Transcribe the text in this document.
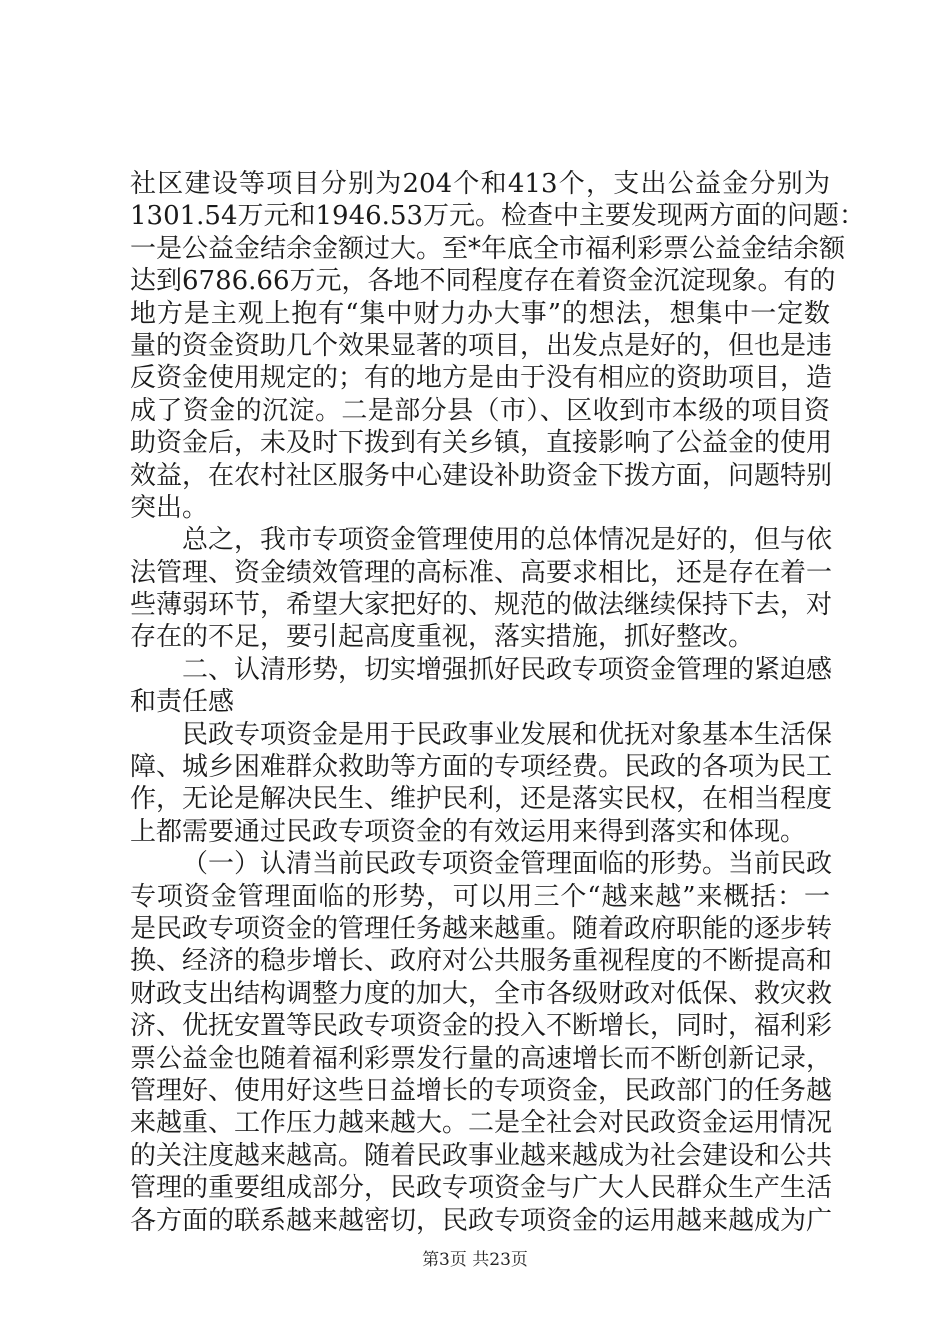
社区建设等项目分别为204个和413个，支出公益金分别为
1301.54万元和1946.53万元。检查中主要发现两方面的问题：
一是公益金结余金额过大。至*年底全市福利彩票公益金结余额
达到6786.66万元，各地不同程度存在着资金沉淀现象。有的
地方是主观上抱有“集中财力办大事”的想法，想集中一定数
量的资金资助几个效果显著的项目，出发点是好的，但也是违
反资金使用规定的；有的地方是由于没有相应的资助项目，造
成了资金的沉淀。二是部分县（市）、区收到市本级的项目资
助资金后，未及时下拨到有关乡镇，直接影响了公益金的使用
效益，在农村社区服务中心建设补助资金下拨方面，问题特别
突出。
总之，我市专项资金管理使用的总体情况是好的，但与依
法管理、资金绩效管理的高标准、高要求相比，还是存在着一
些薄弱环节，希望大家把好的、规范的做法继续保持下去，对
存在的不足，要引起高度重视，落实措施，抓好整改。
二、认清形势，切实增强抓好民政专项资金管理的紧迫感
和责任感
民政专项资金是用于民政事业发展和优抚对象基本生活保
障、城乡困难群众救助等方面的专项经费。民政的各项为民工
作，无论是解决民生、维护民利，还是落实民权，在相当程度
上都需要通过民政专项资金的有效运用来得到落实和体现。
（一）认清当前民政专项资金管理面临的形势。当前民政
专项资金管理面临的形势，可以用三个“越来越”来概括：一
是民政专项资金的管理任务越来越重。随着政府职能的逐步转
换、经济的稳步增长、政府对公共服务重视程度的不断提高和
财政支出结构调整力度的加大，全市各级财政对低保、救灾救
济、优抚安置等民政专项资金的投入不断增长，同时，福利彩
票公益金也随着福利彩票发行量的高速增长而不断创新记录，
管理好、使用好这些日益增长的专项资金，民政部门的任务越
来越重、工作压力越来越大。二是全社会对民政资金运用情况
的关注度越来越高。随着民政事业越来越成为社会建设和公共
管理的重要组成部分，民政专项资金与广大人民群众生产生活
各方面的联系越来越密切，民政专项资金的运用越来越成为广
第3页 共23页
